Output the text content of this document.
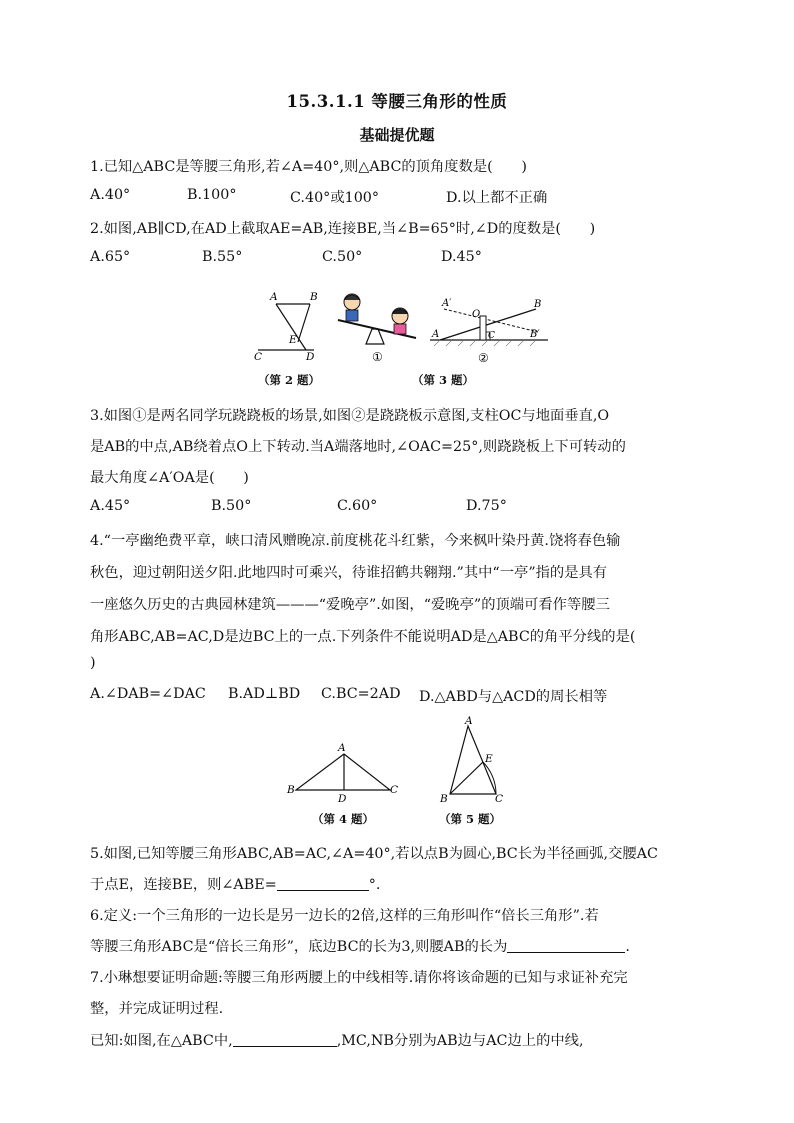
15.3.1.1 等腰三角形的性质
基础提优题
1.已知△ABC是等腰三角形,若∠A=40°,则△ABC的顶角度数是(　　)
A.40°	B.100°	C.40°或100°	D.以上都不正确
2.如图,AB∥CD,在AD上截取AE=AB,连接BE,当∠B=65°时,∠D的度数是(　　)
A.65°	B.55°	C.50°	D.45°
A	B
E
C	D
（第 2 题）
①
A′
O
B
A	C	B′
②
（第 3 题）
3.如图①是两名同学玩跷跷板的场景,如图②是跷跷板示意图,支柱OC与地面垂直,O
是AB的中点,AB绕着点O上下转动.当A端落地时,∠OAC=25°,则跷跷板上下可转动的
最大角度∠A′OA是(　　)
A.45°	B.50°	C.60°	D.75°
4.“一亭幽绝费平章，峡口清风赠晚凉.前度桃花斗红紫，今来枫叶染丹黄.饶将春色输
秋色，迎过朝阳送夕阳.此地四时可乘兴，待谁招鹤共翱翔.”其中“一亭”指的是具有
一座悠久历史的古典园林建筑———“爱晚亭”.如图，“爱晚亭”的顶端可看作等腰三
角形ABC,AB=AC,D是边BC上的一点.下列条件不能说明AD是△ABC的角平分线的是(
)
A.∠DAB=∠DAC B.AD⊥BD C.BC=2AD D.△ABD与△ACD的周长相等
A
B	C
D
（第 4 题）
A
E
B	C
（第 5 题）
5.如图,已知等腰三角形ABC,AB=AC,∠A=40°,若以点B为圆心,BC长为半径画弧,交腰AC
于点E，连接BE，则∠ABE=	°.
6.定义:一个三角形的一边长是另一边长的2倍,这样的三角形叫作“倍长三角形”.若
等腰三角形ABC是“倍长三角形”，底边BC的长为3,则腰AB的长为	.
7.小琳想要证明命题:等腰三角形两腰上的中线相等.请你将该命题的已知与求证补充完
整，并完成证明过程.
已知:如图,在△ABC中,	,MC,NB分别为AB边与AC边上的中线,
